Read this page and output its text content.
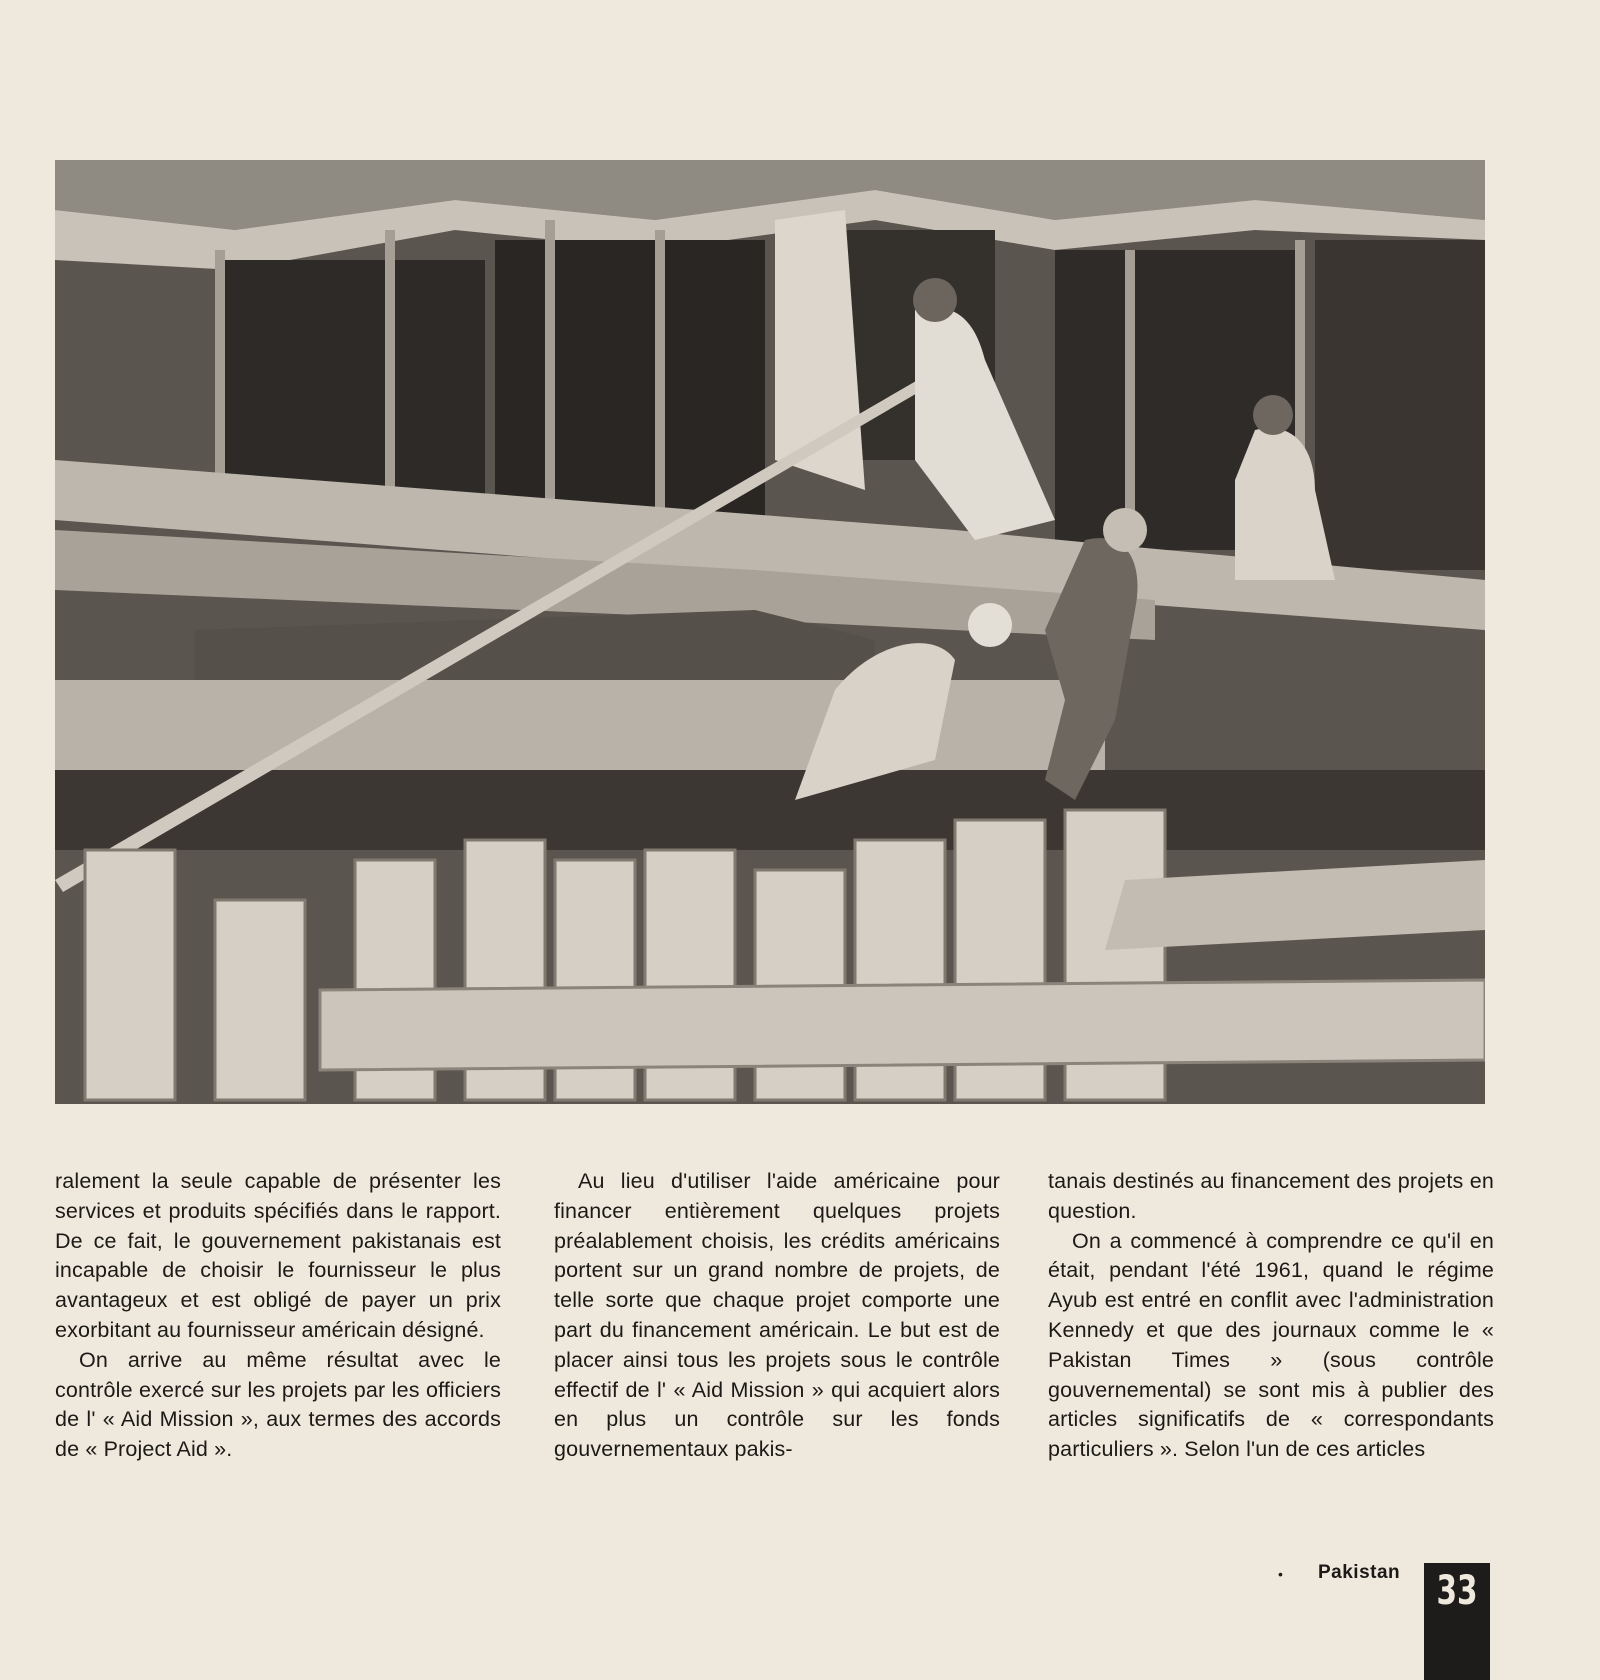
ralement la seule capable de présenter les services et produits spécifiés dans le rapport. De ce fait, le gouvernement pakistanais est incapable de choisir le fournisseur le plus avantageux et est obligé de payer un prix exorbitant au fournisseur américain désigné.

On arrive au même résultat avec le contrôle exercé sur les projets par les officiers de l' « Aid Mission », aux termes des accords de « Project Aid ».

Au lieu d'utiliser l'aide américaine pour financer entièrement quelques projets préalablement choisis, les crédits américains portent sur un grand nombre de projets, de telle sorte que chaque projet comporte une part du financement américain. Le but est de placer ainsi tous les projets sous le contrôle effectif de l' « Aid Mission » qui acquiert alors en plus un contrôle sur les fonds gouvernementaux pakis-

tanais destinés au financement des projets en question.

On a commencé à comprendre ce qu'il en était, pendant l'été 1961, quand le régime Ayub est entré en conflit avec l'administration Kennedy et que des journaux comme le « Pakistan Times » (sous contrôle gouvernemental) se sont mis à publier des articles significatifs de « correspondants particuliers ». Selon l'un de ces articles

• Pakistan 33
